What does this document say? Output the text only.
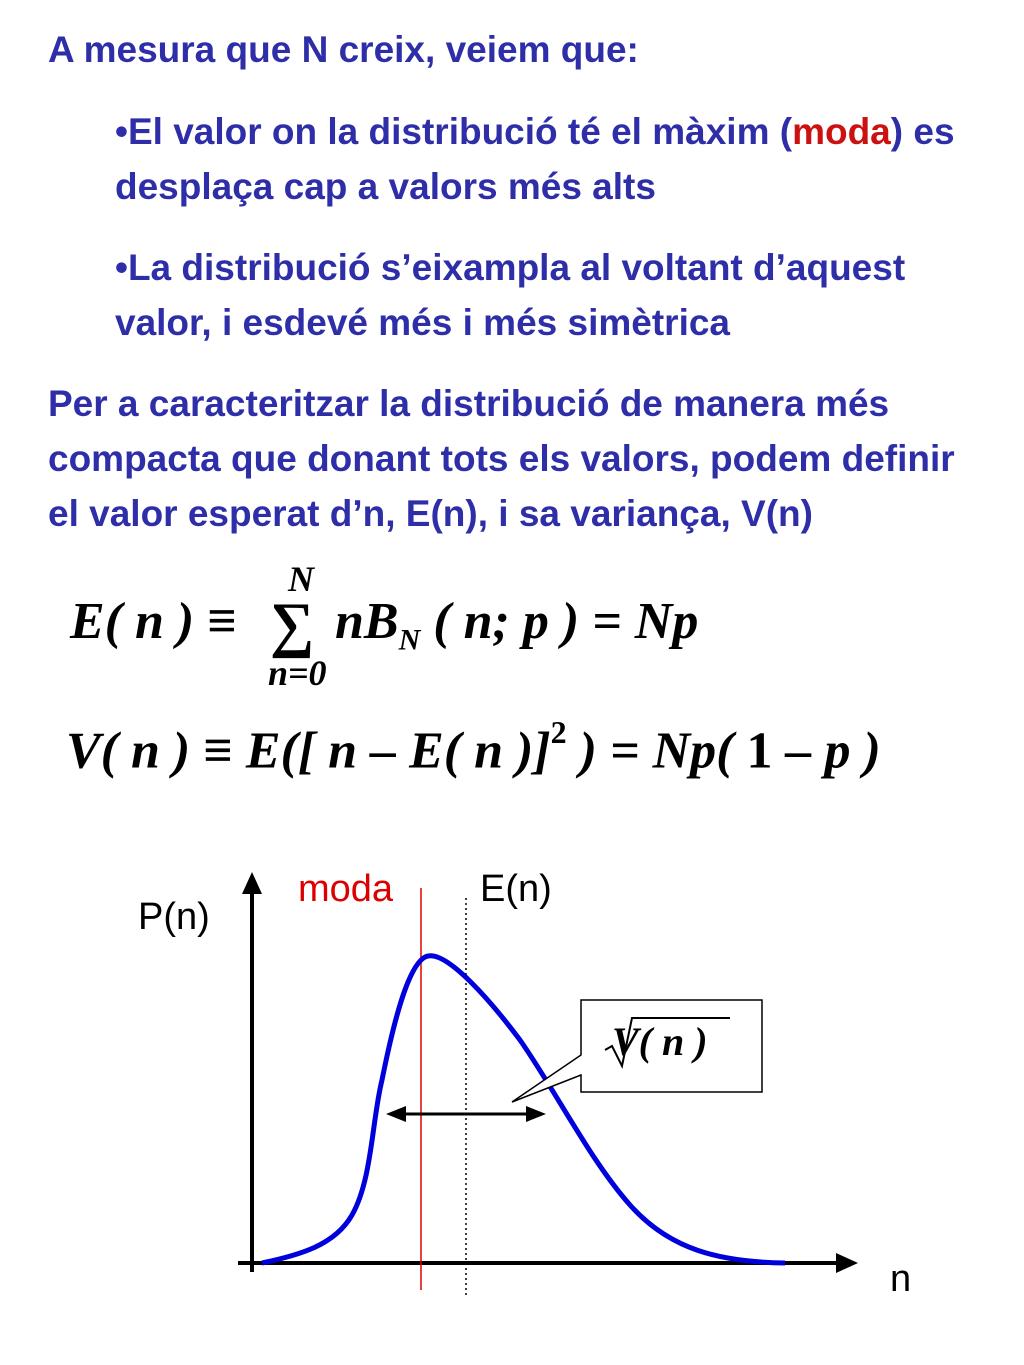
A mesura que N creix, veiem que:
•El valor on la distribució té el màxim (moda) es
desplaça cap a valors més alts
•La distribució s’eixampla al voltant d’aquest
valor, i esdevé més i més simètrica
Per a caracteritzar la distribució de manera més
compacta que donant tots els valors, podem definir
el valor esperat d’n, E(n), i sa variança, V(n)
E( n ) ≡
N
∑
n=0
$nB_N$ ( n; p ) = Np
V( n ) ≡ E([ n – E( n )]$^2$ ) = Np( 1 – p )
P(n)
n
moda E(n)
V( n )
